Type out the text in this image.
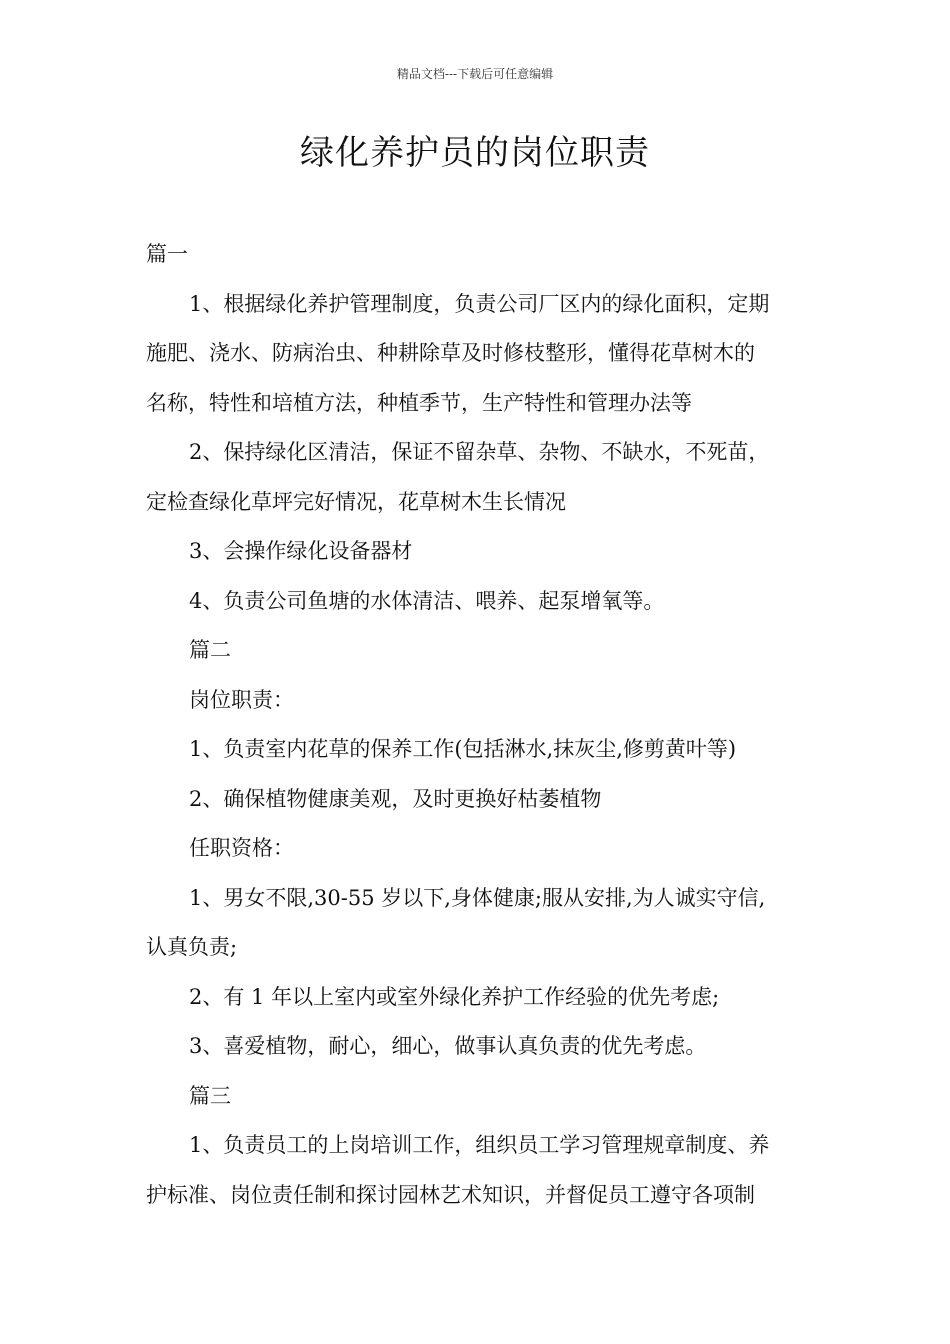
精品文档---下载后可任意编辑
绿化养护员的岗位职责

篇一

1、根据绿化养护管理制度，负责公司厂区内的绿化面积，定期

施肥、浇水、防病治虫、种耕除草及时修枝整形，懂得花草树木的

名称，特性和培植方法，种植季节，生产特性和管理办法等

2、保持绿化区清洁，保证不留杂草、杂物、不缺水，不死苗，

定检查绿化草坪完好情况，花草树木生长情况

3、会操作绿化设备器材

4、负责公司鱼塘的水体清洁、喂养、起泵增氧等。

篇二

岗位职责：

1、负责室内花草的保养工作(包括淋水,抹灰尘,修剪黄叶等)

2、确保植物健康美观，及时更换好枯萎植物

任职资格：

1、男女不限,30-55 岁以下,身体健康;服从安排,为人诚实守信,

认真负责;

2、有 1 年以上室内或室外绿化养护工作经验的优先考虑;

3、喜爱植物，耐心，细心，做事认真负责的优先考虑。

篇三

1、负责员工的上岗培训工作，组织员工学习管理规章制度、养

护标准、岗位责任制和探讨园林艺术知识，并督促员工遵守各项制
